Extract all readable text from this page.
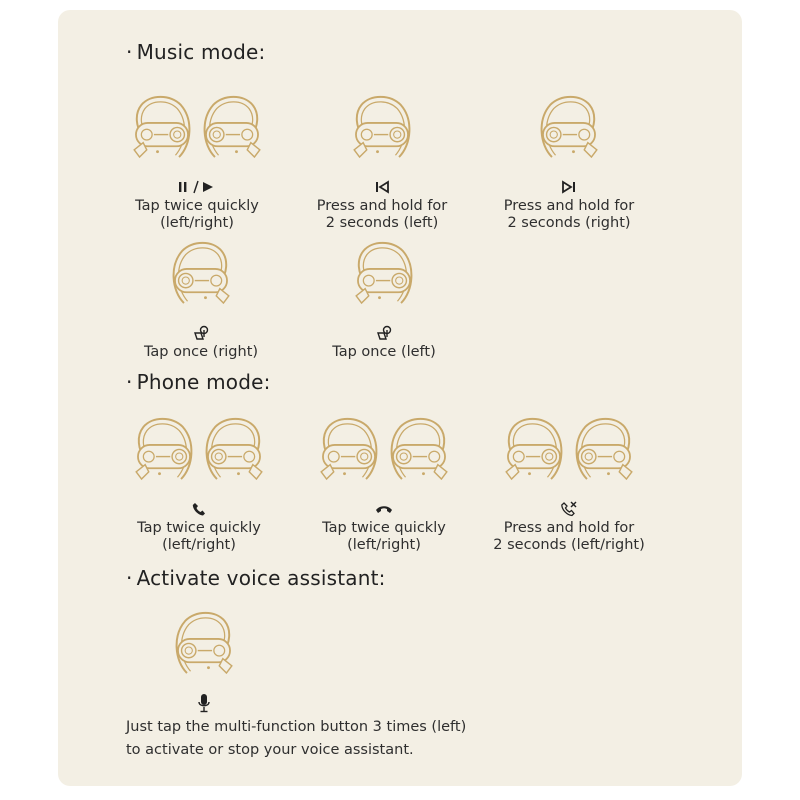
· Music mode:
Tap twice quickly
(left/right)
Press and hold for
2 seconds (left)
Press and hold for
2 seconds (right)
Tap once (right)	Tap once (left)
· Phone mode:
Tap twice quickly
(left/right)
Tap twice quickly
(left/right)
Press and hold for
2 seconds (left/right)
· Activate voice assistant:
Just tap the multi-function button 3 times (left)
to activate or stop your voice assistant.
